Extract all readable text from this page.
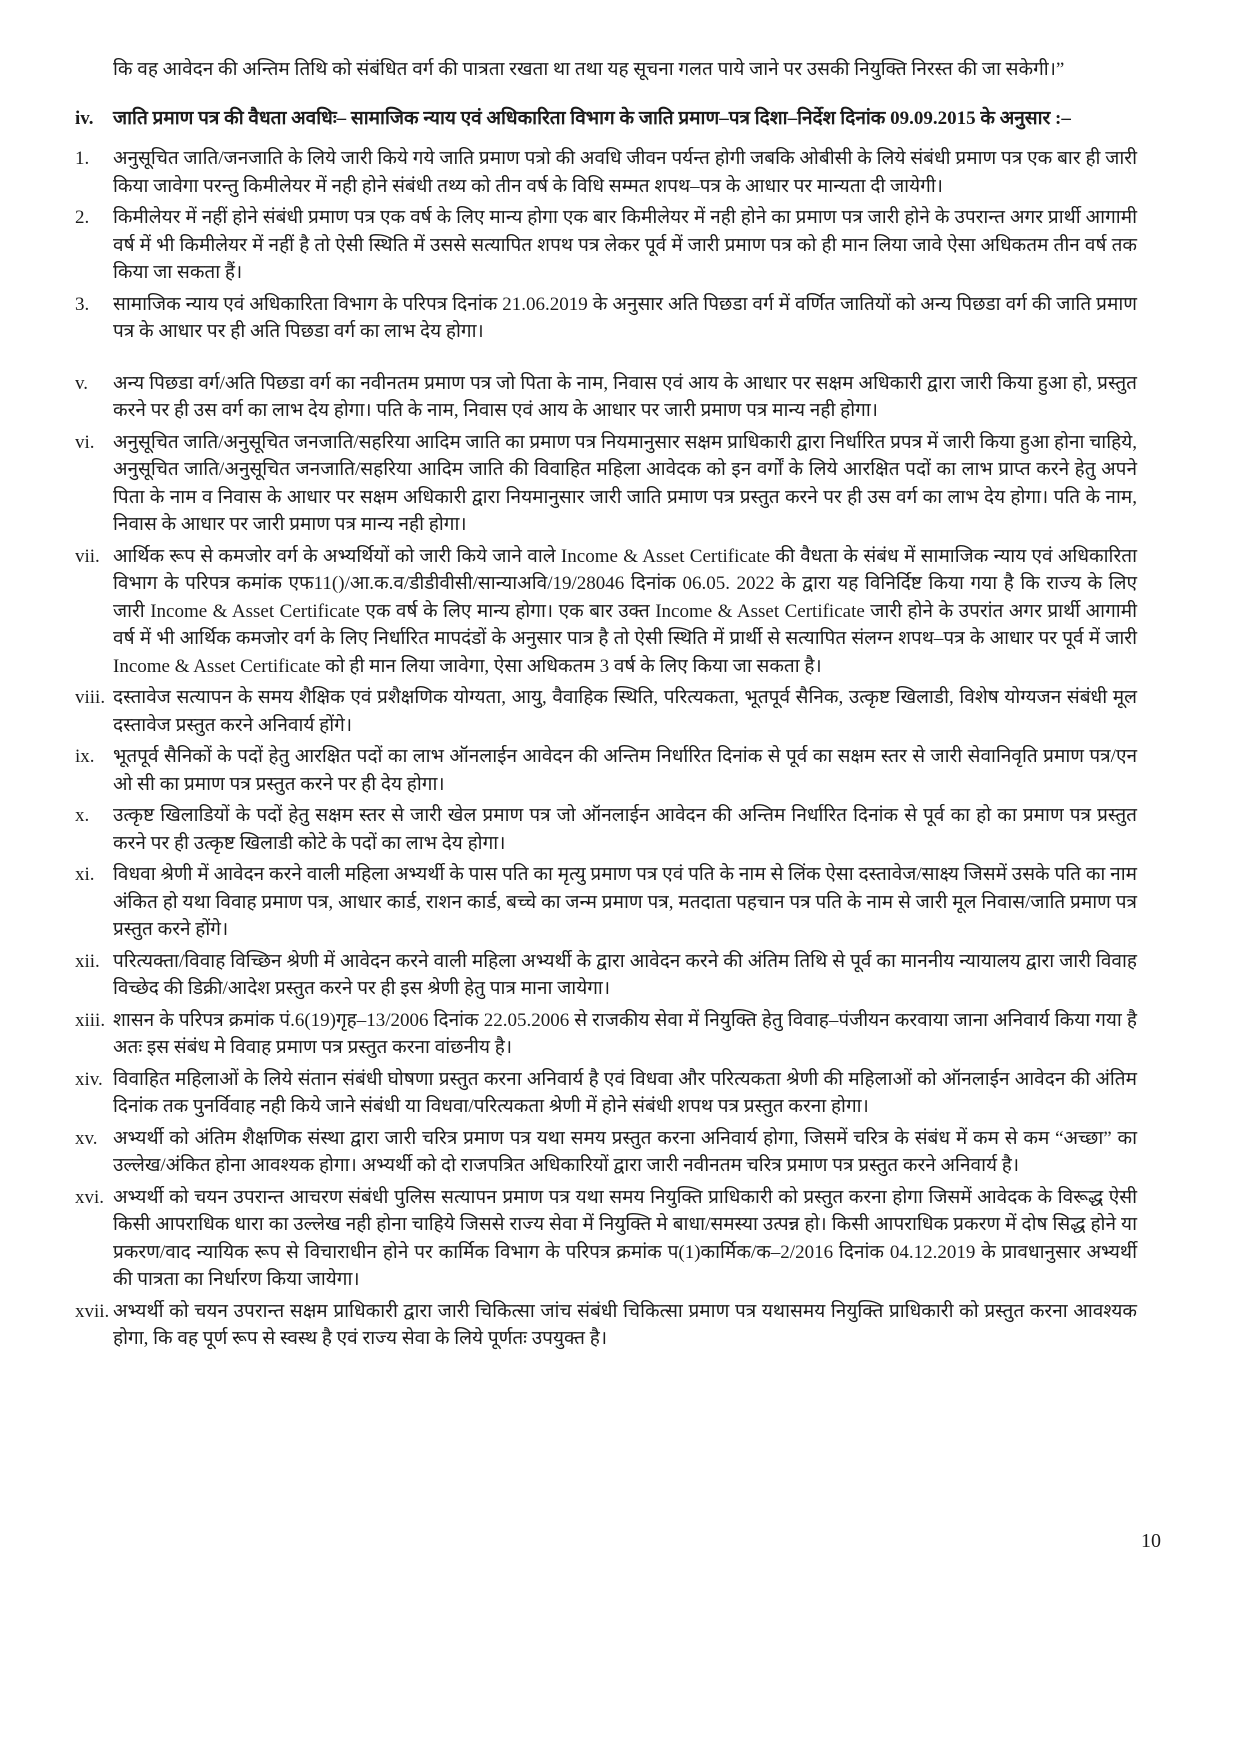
कि वह आवेदन की अन्तिम तिथि को संबंधित वर्ग की पात्रता रखता था तथा यह सूचना गलत पाये जाने पर उसकी नियुक्ति निरस्त की जा सकेगी।”

iv.	जाति प्रमाण पत्र की वैधता अवधिः– सामाजिक न्याय एवं अधिकारिता विभाग के जाति प्रमाण–पत्र दिशा–निर्देश दिनांक 09.09.2015 के अनुसार :–
1.	अनुसूचित जाति/जनजाति के लिये जारी किये गये जाति प्रमाण पत्रो की अवधि जीवन पर्यन्त होगी जबकि ओबीसी के लिये संबंधी प्रमाण पत्र एक बार ही जारी किया जावेगा परन्तु किमीलेयर में नही होने संबंधी तथ्य को तीन वर्ष के विधि सम्मत शपथ–पत्र के आधार पर मान्यता दी जायेगी।
2.	किमीलेयर में नहीं होने संबंधी प्रमाण पत्र एक वर्ष के लिए मान्य होगा एक बार किमीलेयर में नही होने का प्रमाण पत्र जारी होने के उपरान्त अगर प्रार्थी आगामी वर्ष में भी किमीलेयर में नहीं है तो ऐसी स्थिति में उससे सत्यापित शपथ पत्र लेकर पूर्व में जारी प्रमाण पत्र को ही मान लिया जावे ऐसा अधिकतम तीन वर्ष तक किया जा सकता हैं।
3.	सामाजिक न्याय एवं अधिकारिता विभाग के परिपत्र दिनांक 21.06.2019 के अनुसार अति पिछडा वर्ग में वर्णित जातियों को अन्य पिछडा वर्ग की जाति प्रमाण पत्र के आधार पर ही अति पिछडा वर्ग का लाभ देय होगा।
v.	अन्य पिछडा वर्ग/अति पिछडा वर्ग का नवीनतम प्रमाण पत्र जो पिता के नाम, निवास एवं आय के आधार पर सक्षम अधिकारी द्वारा जारी किया हुआ हो, प्रस्तुत करने पर ही उस वर्ग का लाभ देय होगा। पति के नाम, निवास एवं आय के आधार पर जारी प्रमाण पत्र मान्य नही होगा।
vi. अनुसूचित जाति/अनुसूचित जनजाति/सहरिया आदिम जाति का प्रमाण पत्र नियमानुसार सक्षम प्राधिकारी द्वारा निर्धारित प्रपत्र में जारी किया हुआ होना चाहिये, अनुसूचित जाति/अनुसूचित जनजाति/सहरिया आदिम जाति की विवाहित महिला आवेदक को इन वर्गों के लिये आरक्षित पदों का लाभ प्राप्त करने हेतु अपने पिता के नाम व निवास के आधार पर सक्षम अधिकारी द्वारा नियमानुसार जारी जाति प्रमाण पत्र प्रस्तुत करने पर ही उस वर्ग का लाभ देय होगा। पति के नाम, निवास के आधार पर जारी प्रमाण पत्र मान्य नही होगा।
vii. आर्थिक रूप से कमजोर वर्ग के अभ्यर्थियों को जारी किये जाने वाले Income & Asset Certificate की वैधता के संबंध में सामाजिक न्याय एवं अधिकारिता विभाग के परिपत्र कमांक एफ11()/आ.क.व/डीडीवीसी/सान्याअवि/19/28046 दिनांक 06.05. 2022 के द्वारा यह विनिर्दिष्ट किया गया है कि राज्य के लिए जारी Income & Asset Certificate एक वर्ष के लिए मान्य होगा। एक बार उक्त Income & Asset Certificate जारी होने के उपरांत अगर प्रार्थी आगामी वर्ष में भी आर्थिक कमजोर वर्ग के लिए निर्धारित मापदंडों के अनुसार पात्र है तो ऐसी स्थिति में प्रार्थी से सत्यापित संलग्न शपथ–पत्र के आधार पर पूर्व में जारी Income & Asset Certificate को ही मान लिया जावेगा, ऐसा अधिकतम 3 वर्ष के लिए किया जा सकता है।
viii. दस्तावेज सत्यापन के समय शैक्षिक एवं प्रशैक्षणिक योग्यता, आयु, वैवाहिक स्थिति, परित्यकता, भूतपूर्व सैनिक, उत्कृष्ट खिलाडी, विशेष योग्यजन संबंधी मूल दस्तावेज प्रस्तुत करने अनिवार्य होंगे।
ix. भूतपूर्व सैनिकों के पदों हेतु आरक्षित पदों का लाभ ऑनलाईन आवेदन की अन्तिम निर्धारित दिनांक से पूर्व का सक्षम स्तर से जारी सेवानिवृति प्रमाण पत्र/एन ओ सी का प्रमाण पत्र प्रस्तुत करने पर ही देय होगा।
x.	उत्कृष्ट खिलाडियों के पदों हेतु सक्षम स्तर से जारी खेल प्रमाण पत्र जो ऑनलाईन आवेदन की अन्तिम निर्धारित दिनांक से पूर्व का हो का प्रमाण पत्र प्रस्तुत करने पर ही उत्कृष्ट खिलाडी कोटे के पदों का लाभ देय होगा।
xi. विधवा श्रेणी में आवेदन करने वाली महिला अभ्यर्थी के पास पति का मृत्यु प्रमाण पत्र एवं पति के नाम से लिंक ऐसा दस्तावेज/साक्ष्य जिसमें उसके पति का नाम अंकित हो यथा विवाह प्रमाण पत्र, आधार कार्ड, राशन कार्ड, बच्चे का जन्म प्रमाण पत्र, मतदाता पहचान पत्र पति के नाम से जारी मूल निवास/जाति प्रमाण पत्र प्रस्तुत करने होंगे।
xii. परित्यक्ता/विवाह विच्छिन श्रेणी में आवेदन करने वाली महिला अभ्यर्थी के द्वारा आवेदन करने की अंतिम तिथि से पूर्व का माननीय न्यायालय द्वारा जारी विवाह विच्छेद की डिक्री/आदेश प्रस्तुत करने पर ही इस श्रेणी हेतु पात्र माना जायेगा।
xiii. शासन के परिपत्र क्रमांक पं.6(19)गृह–13/2006 दिनांक 22.05.2006 से राजकीय सेवा में नियुक्ति हेतु विवाह–पंजीयन करवाया जाना अनिवार्य किया गया है अतः इस संबंध मे विवाह प्रमाण पत्र प्रस्तुत करना वांछनीय है।
xiv. विवाहित महिलाओं के लिये संतान संबंधी घोषणा प्रस्तुत करना अनिवार्य है एवं विधवा और परित्यकता श्रेणी की महिलाओं को ऑनलाईन आवेदन की अंतिम दिनांक तक पुनर्विवाह नही किये जाने संबंधी या विधवा/परित्यकता श्रेणी में होने संबंधी शपथ पत्र प्रस्तुत करना होगा।
xv. अभ्यर्थी को अंतिम शैक्षणिक संस्था द्वारा जारी चरित्र प्रमाण पत्र यथा समय प्रस्तुत करना अनिवार्य होगा, जिसमें चरित्र के संबंध में कम से कम “अच्छा” का उल्लेख/अंकित होना आवश्यक होगा। अभ्यर्थी को दो राजपत्रित अधिकारियों द्वारा जारी नवीनतम चरित्र प्रमाण पत्र प्रस्तुत करने अनिवार्य है।
xvi. अभ्यर्थी को चयन उपरान्त आचरण संबंधी पुलिस सत्यापन प्रमाण पत्र यथा समय नियुक्ति प्राधिकारी को प्रस्तुत करना होगा जिसमें आवेदक के विरूद्ध ऐसी किसी आपराधिक धारा का उल्लेख नही होना चाहिये जिससे राज्य सेवा में नियुक्ति मे बाधा/समस्या उत्पन्न हो। किसी आपराधिक प्रकरण में दोष सिद्ध होने या प्रकरण/वाद न्यायिक रूप से विचाराधीन होने पर कार्मिक विभाग के परिपत्र क्रमांक प(1)कार्मिक/क–2/2016 दिनांक 04.12.2019 के प्रावधानुसार अभ्यर्थी की पात्रता का निर्धारण किया जायेगा।
xvii. अभ्यर्थी को चयन उपरान्त सक्षम प्राधिकारी द्वारा जारी चिकित्सा जांच संबंधी चिकित्सा प्रमाण पत्र यथासमय नियुक्ति प्राधिकारी को प्रस्तुत करना आवश्यक होगा, कि वह पूर्ण रूप से स्वस्थ है एवं राज्य सेवा के लिये पूर्णतः उपयुक्त है।
10
